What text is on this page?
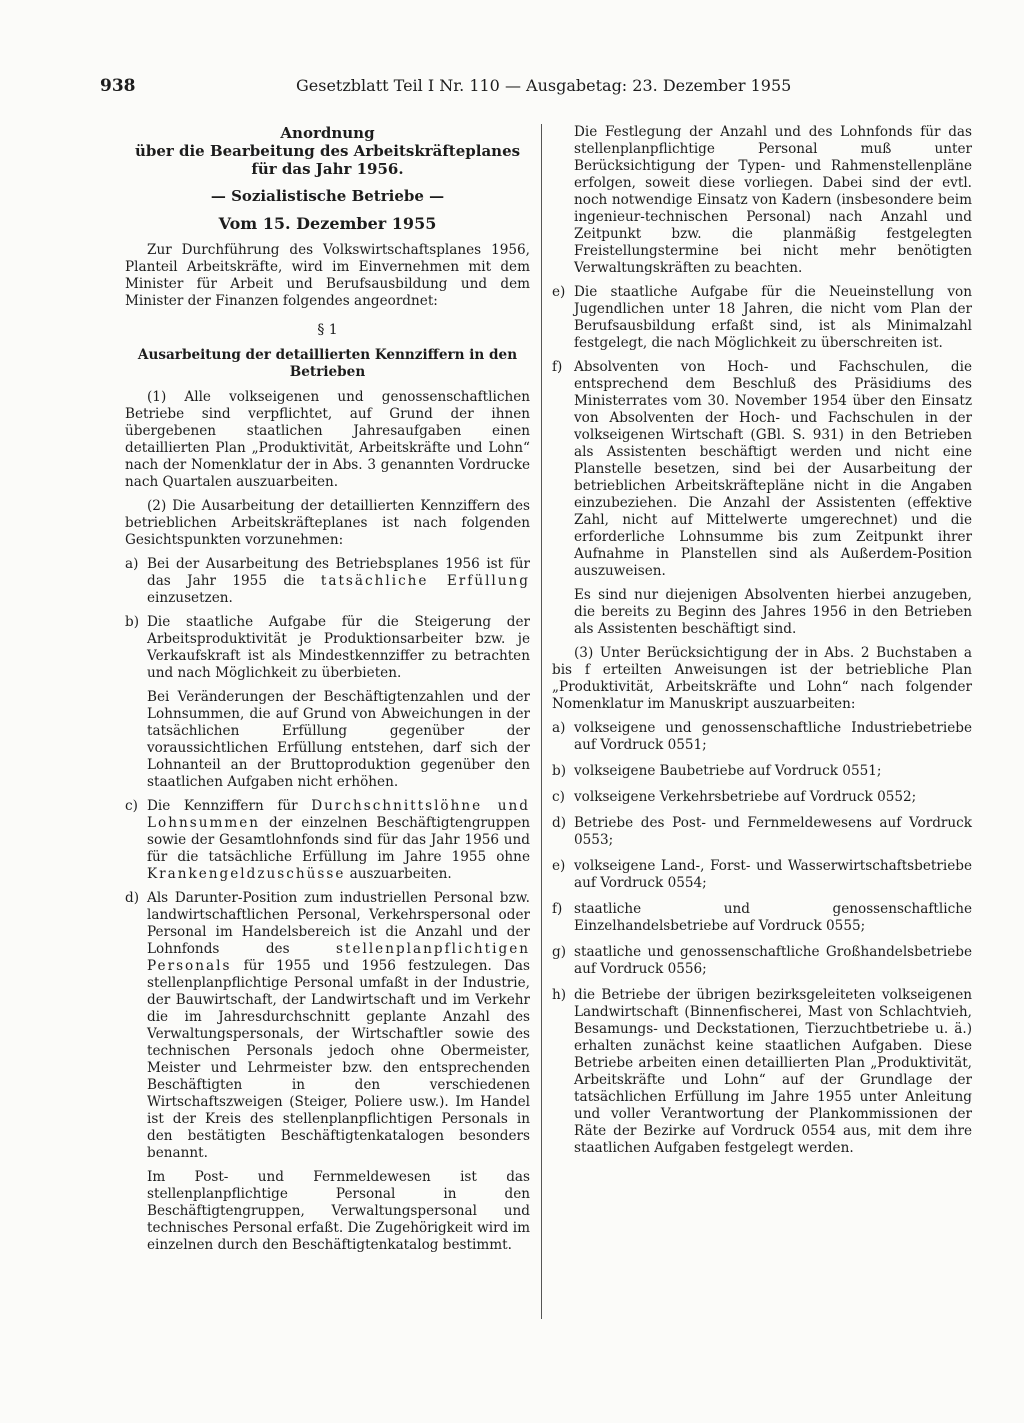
938	Gesetzblatt Teil I Nr. 110 — Ausgabetag: 23. Dezember 1955
Anordnung
über die Bearbeitung des Arbeitskräfteplanes für das Jahr 1956.
— Sozialistische Betriebe —
Vom 15. Dezember 1955

Zur Durchführung des Volkswirtschaftsplanes 1956, Planteil Arbeitskräfte, wird im Einvernehmen mit dem Minister für Arbeit und Berufsausbildung und dem Minister der Finanzen folgendes angeordnet:

§ 1
Ausarbeitung der detaillierten Kennziffern in den Betrieben

(1) Alle volkseigenen und genossenschaftlichen Betriebe sind verpflichtet, auf Grund der ihnen übergebenen staatlichen Jahresaufgaben einen detaillierten Plan „Produktivität, Arbeitskräfte und Lohn“ nach der Nomenklatur der in Abs. 3 genannten Vordrucke nach Quartalen auszuarbeiten.

(2) Die Ausarbeitung der detaillierten Kennziffern des betrieblichen Arbeitskräfteplanes ist nach folgenden Gesichtspunkten vorzunehmen:

a) Bei der Ausarbeitung des Betriebsplanes 1956 ist für das Jahr 1955 die tatsächliche Erfüllung einzusetzen.
b) Die staatliche Aufgabe für die Steigerung der Arbeitsproduktivität je Produktionsarbeiter bzw. je Verkaufskraft ist als Mindestkennziffer zu betrachten und nach Möglichkeit zu überbieten.

Bei Veränderungen der Beschäftigtenzahlen und der Lohnsummen, die auf Grund von Abweichungen in der tatsächlichen Erfüllung gegenüber der voraussichtlichen Erfüllung entstehen, darf sich der Lohnanteil an der Bruttoproduktion gegenüber den staatlichen Aufgaben nicht erhöhen.

c) Die Kennziffern für Durchschnittslöhne und Lohnsummen der einzelnen Beschäftigtengruppen sowie der Gesamtlohnfonds sind für das Jahr 1956 und für die tatsächliche Erfüllung im Jahre 1955 ohne Krankengeldzuschüsse auszuarbeiten.
d) Als Darunter-Position zum industriellen Personal bzw. landwirtschaftlichen Personal, Verkehrspersonal oder Personal im Handelsbereich ist die Anzahl und der Lohnfonds des stellenplanpflichtigen Personals für 1955 und 1956 festzulegen. Das stellenplanpflichtige Personal umfaßt in der Industrie, der Bauwirtschaft, der Landwirtschaft und im Verkehr die im Jahresdurchschnitt geplante Anzahl des Verwaltungspersonals, der Wirtschaftler sowie des technischen Personals jedoch ohne Obermeister, Meister und Lehrmeister bzw. den entsprechenden Beschäftigten in den verschiedenen Wirtschaftszweigen (Steiger, Poliere usw.). Im Handel ist der Kreis des stellenplanpflichtigen Personals in den bestätigten Beschäftigtenkatalogen besonders benannt.

Im Post- und Fernmeldewesen ist das stellenplanpflichtige Personal in den Beschäftigtengruppen, Verwaltungspersonal und technisches Personal erfaßt. Die Zugehörigkeit wird im einzelnen durch den Beschäftigtenkatalog bestimmt.

Die Festlegung der Anzahl und des Lohnfonds für das stellenplanpflichtige Personal muß unter Berücksichtigung der Typen- und Rahmenstellenpläne erfolgen, soweit diese vorliegen. Dabei sind der evtl. noch notwendige Einsatz von Kadern (insbesondere beim ingenieur-technischen Personal) nach Anzahl und Zeitpunkt bzw. die planmäßig festgelegten Freistellungstermine bei nicht mehr benötigten Verwaltungskräften zu beachten.

e) Die staatliche Aufgabe für die Neueinstellung von Jugendlichen unter 18 Jahren, die nicht vom Plan der Berufsausbildung erfaßt sind, ist als Minimalzahl festgelegt, die nach Möglichkeit zu überschreiten ist.
f) Absolventen von Hoch- und Fachschulen, die entsprechend dem Beschluß des Präsidiums des Ministerrates vom 30. November 1954 über den Einsatz von Absolventen der Hoch- und Fachschulen in der volkseigenen Wirtschaft (GBl. S. 931) in den Betrieben als Assistenten beschäftigt werden und nicht eine Planstelle besetzen, sind bei der Ausarbeitung der betrieblichen Arbeitskräftepläne nicht in die Angaben einzubeziehen. Die Anzahl der Assistenten (effektive Zahl, nicht auf Mittelwerte umgerechnet) und die erforderliche Lohnsumme bis zum Zeitpunkt ihrer Aufnahme in Planstellen sind als Außerdem-Position auszuweisen.

Es sind nur diejenigen Absolventen hierbei anzugeben, die bereits zu Beginn des Jahres 1956 in den Betrieben als Assistenten beschäftigt sind.

(3) Unter Berücksichtigung der in Abs. 2 Buchstaben a bis f erteilten Anweisungen ist der betriebliche Plan „Produktivität, Arbeitskräfte und Lohn“ nach folgender Nomenklatur im Manuskript auszuarbeiten:

a) volkseigene und genossenschaftliche Industriebetriebe auf Vordruck 0551;
b) volkseigene Baubetriebe auf Vordruck 0551;
c) volkseigene Verkehrsbetriebe auf Vordruck 0552;
d) Betriebe des Post- und Fernmeldewesens auf Vordruck 0553;
e) volkseigene Land-, Forst- und Wasserwirtschaftsbetriebe auf Vordruck 0554;
f) staatliche und genossenschaftliche Einzelhandelsbetriebe auf Vordruck 0555;
g) staatliche und genossenschaftliche Großhandelsbetriebe auf Vordruck 0556;
h) die Betriebe der übrigen bezirksgeleiteten volkseigenen Landwirtschaft (Binnenfischerei, Mast von Schlachtvieh, Besamungs- und Deckstationen, Tierzuchtbetriebe u. ä.) erhalten zunächst keine staatlichen Aufgaben. Diese Betriebe arbeiten einen detaillierten Plan „Produktivität, Arbeitskräfte und Lohn“ auf der Grundlage der tatsächlichen Erfüllung im Jahre 1955 unter Anleitung und voller Verantwortung der Plankommissionen der Räte der Bezirke auf Vordruck 0554 aus, mit dem ihre staatlichen Aufgaben festgelegt werden.
